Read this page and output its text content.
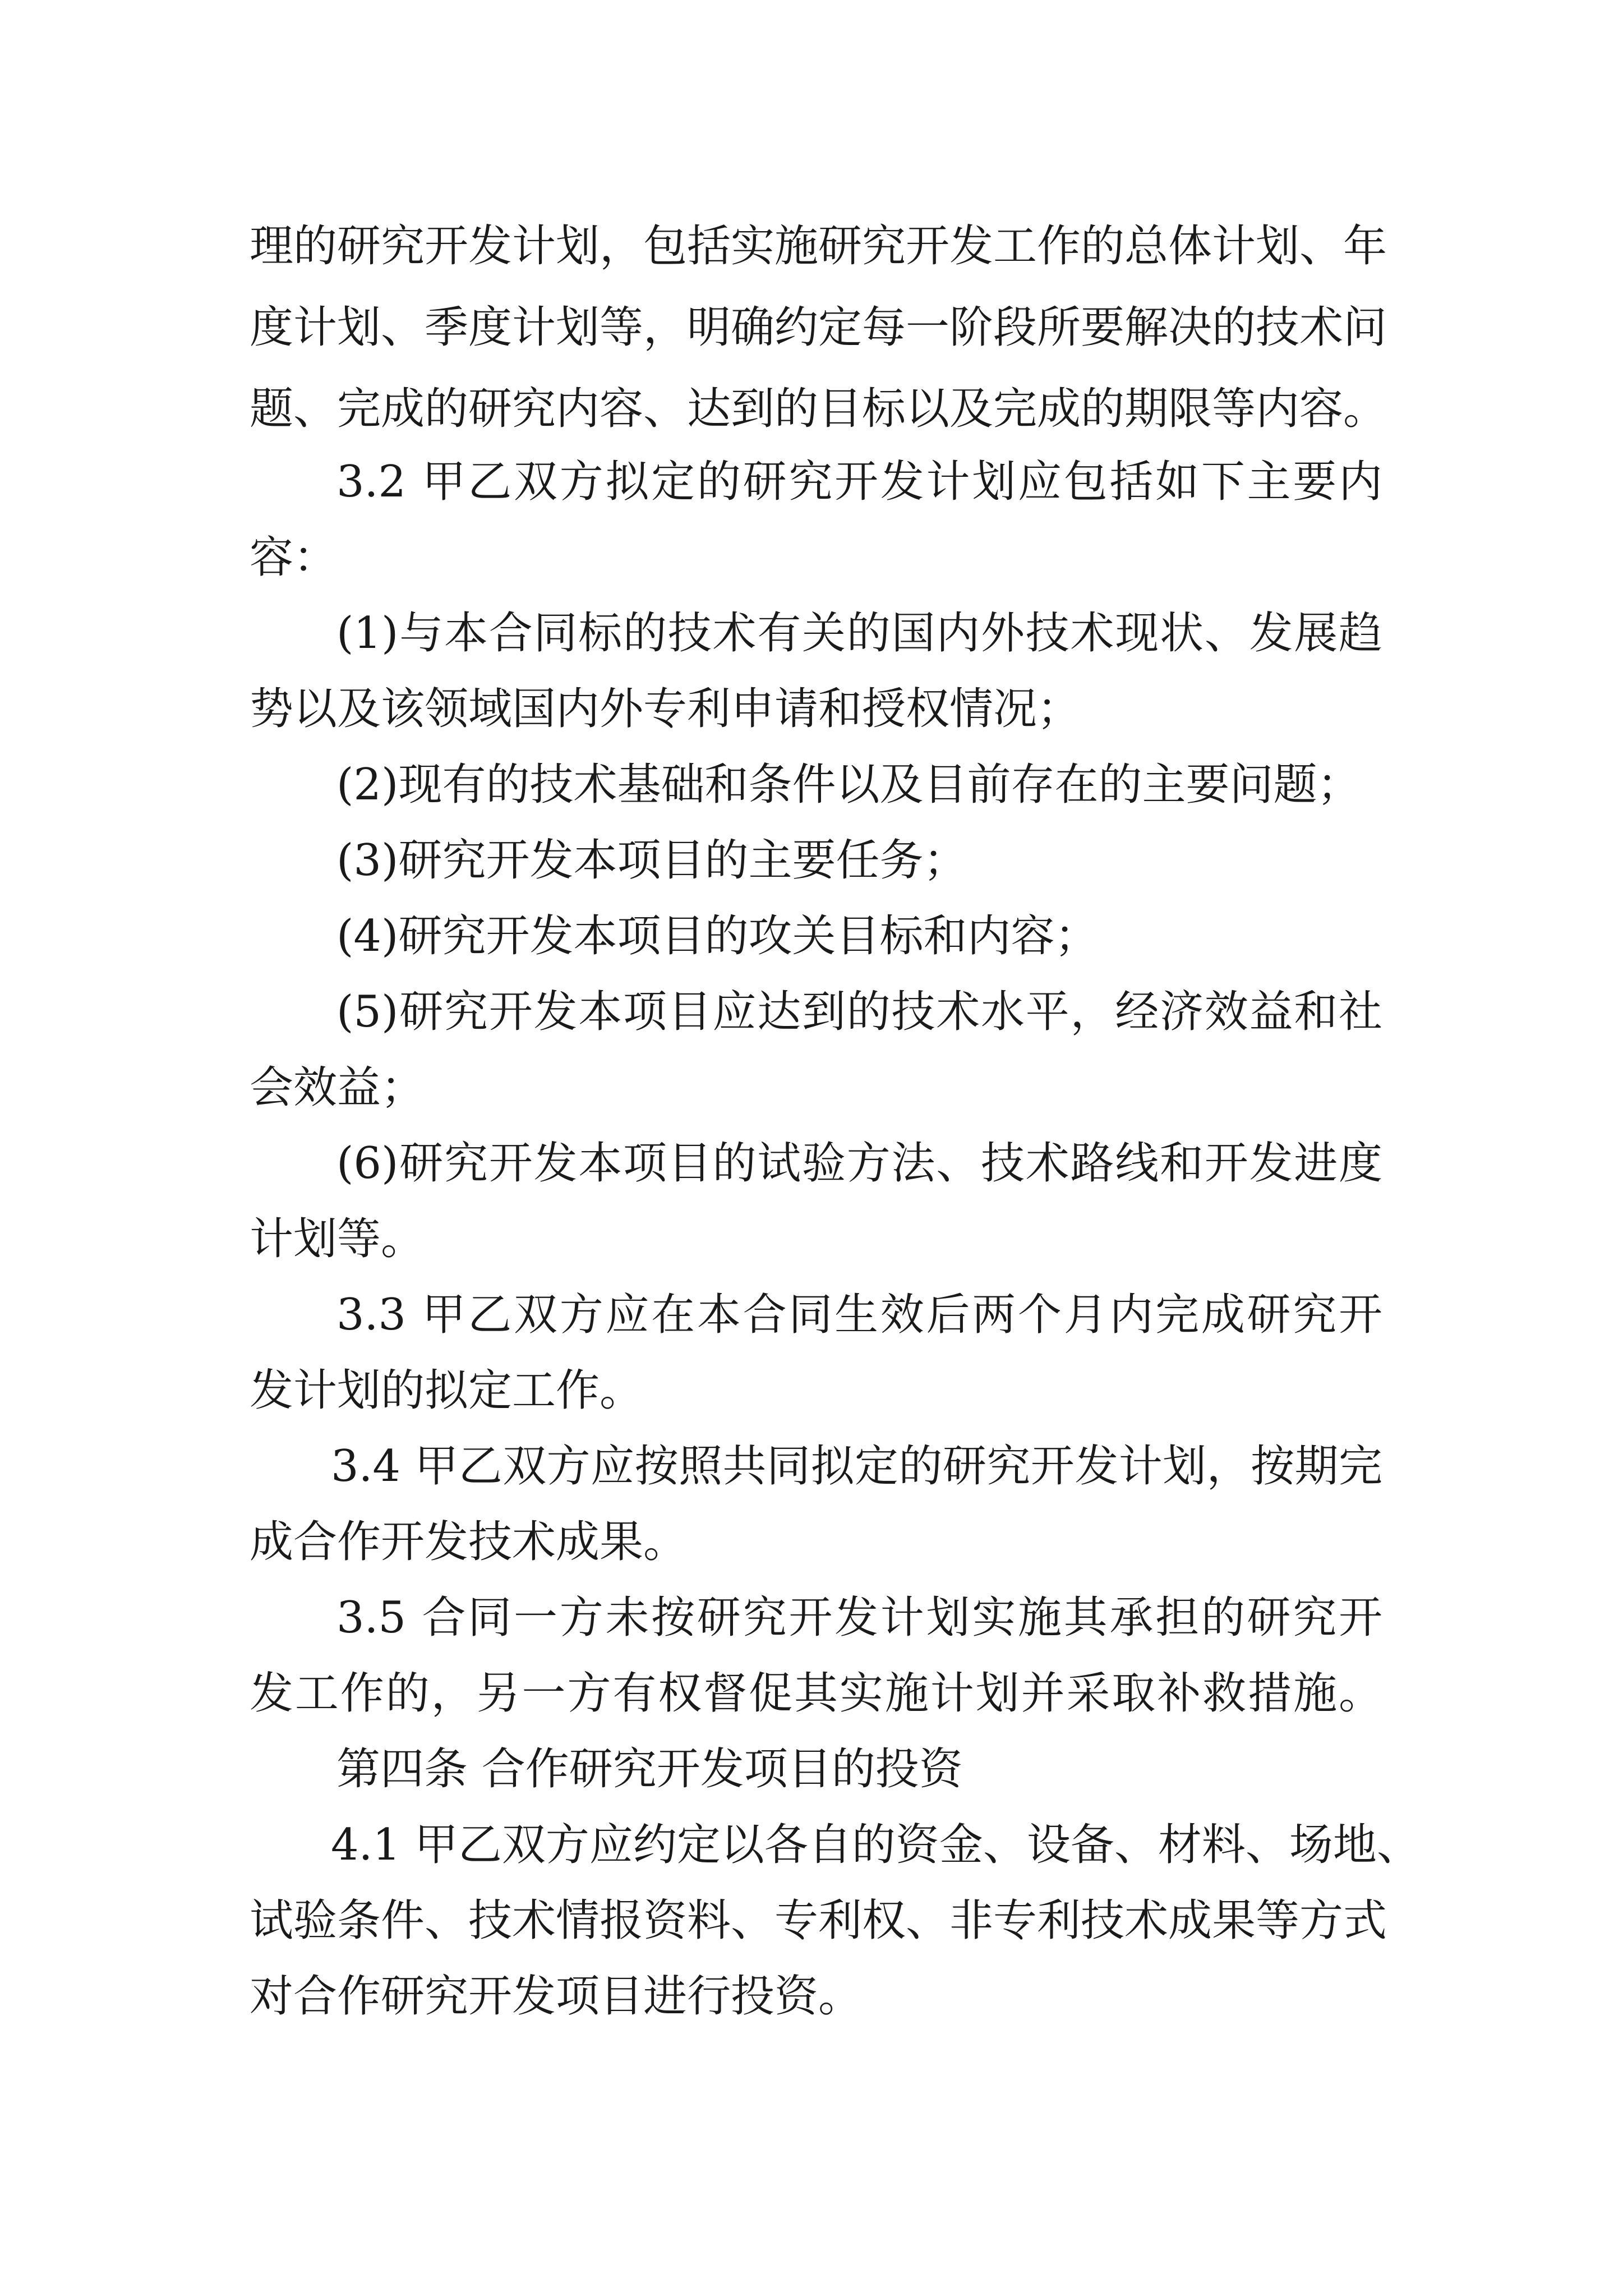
理的研究开发计划，包括实施研究开发工作的总体计划、年
度计划、季度计划等，明确约定每一阶段所要解决的技术问
题、完成的研究内容、达到的目标以及完成的期限等内容。
3.2 甲乙双方拟定的研究开发计划应包括如下主要内
容：
(1)与本合同标的技术有关的国内外技术现状、发展趋
势以及该领域国内外专利申请和授权情况；
(2)现有的技术基础和条件以及目前存在的主要问题；
(3)研究开发本项目的主要任务；
(4)研究开发本项目的攻关目标和内容；
(5)研究开发本项目应达到的技术水平，经济效益和社
会效益；
(6)研究开发本项目的试验方法、技术路线和开发进度
计划等。
3.3 甲乙双方应在本合同生效后两个月内完成研究开
发计划的拟定工作。
3.4 甲乙双方应按照共同拟定的研究开发计划，按期完
成合作开发技术成果。
3.5 合同一方未按研究开发计划实施其承担的研究开
发工作的，另一方有权督促其实施计划并采取补救措施。
第四条 合作研究开发项目的投资
4.1 甲乙双方应约定以各自的资金、设备、材料、场地、
试验条件、技术情报资料、专利权、非专利技术成果等方式
对合作研究开发项目进行投资。
